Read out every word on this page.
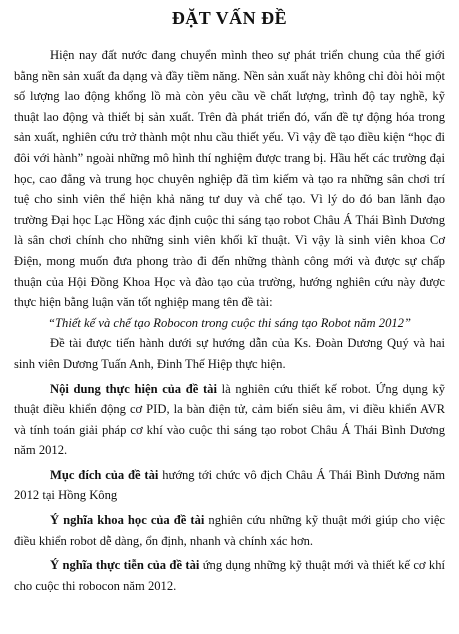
ĐẶT VẤN ĐỀ

Hiện nay đất nước đang chuyển mình theo sự phát triển chung của thế giới bằng nền sản xuất đa dạng và đầy tiềm năng. Nền sản xuất này không chỉ đòi hỏi một số lượng lao động khổng lồ mà còn yêu cầu về chất lượng, trình độ tay nghề, kỹ thuật lao động và thiết bị sản xuất. Trên đà phát triển đó, vấn đề tự động hóa trong sản xuất, nghiên cứu trở thành một nhu cầu thiết yếu. Vì vậy đề tạo điều kiện “học đi đôi với hành” ngoài những mô hình thí nghiệm được trang bị. Hầu hết các trường đại học, cao đẳng và trung học chuyên nghiệp đã tìm kiếm và tạo ra những sân chơi trí tuệ cho sinh viên thể hiện khả năng tư duy và chế tạo. Vì lý do đó ban lãnh đạo trường Đại học Lạc Hồng xác định cuộc thi sáng tạo robot Châu Á Thái Bình Dương là sân chơi chính cho những sinh viên khối kĩ thuật. Vì vậy là sinh viên khoa Cơ Điện, mong muốn đưa phong trào đi đến những thành công mới và được sự chấp thuận của Hội Đồng Khoa Học và đào tạo của trường, hướng nghiên cứu này được thực hiện bằng luận văn tốt nghiệp mang tên đề tài:

“Thiết kế và chế tạo Robocon trong cuộc thi sáng tạo Robot năm 2012”

Đề tài được tiến hành dưới sự hướng dẫn của Ks. Đoàn Dương Quý và hai sinh viên Dương Tuấn Anh, Đinh Thế Hiệp thực hiện.

Nội dung thực hiện của đề tài là nghiên cứu thiết kế robot. Ứng dụng kỹ thuật điều khiển động cơ PID, la bàn điện tử, cảm biến siêu âm, vi điều khiển AVR và tính toán giải pháp cơ khí vào cuộc thi sáng tạo robot Châu Á Thái Bình Dương năm 2012.

Mục đích của đề tài hướng tới chức vô địch Châu Á Thái Bình Dương năm 2012 tại Hồng Kông

Ý nghĩa khoa học của đề tài nghiên cứu những kỹ thuật mới giúp cho việc điều khiển robot dễ dàng, ổn định, nhanh và chính xác hơn.

Ý nghĩa thực tiễn của đề tài ứng dụng những kỹ thuật mới và thiết kế cơ khí cho cuộc thi robocon năm 2012.
